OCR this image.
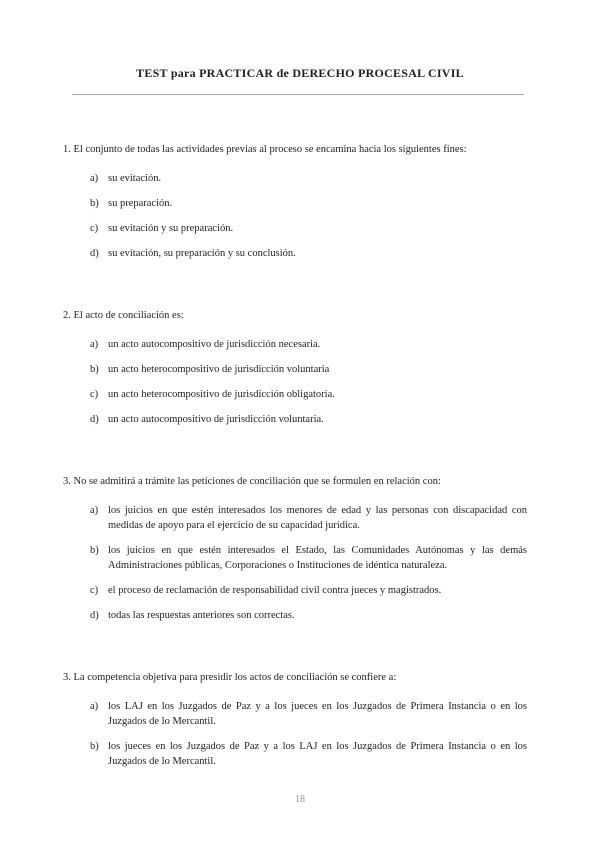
TEST para PRACTICAR de DERECHO PROCESAL CIVIL

1. El conjunto de todas las actividades previas al proceso se encamina hacia los siguientes fines:

a) su evitación.
b) su preparación.
c) su evitación y su preparación.
d) su evitación, su preparación y su conclusión.

2. El acto de conciliación es:

a) un acto autocompositivo de jurisdicción necesaria.
b) un acto heterocompositivo de jurisdicción voluntaria
c) un acto heterocompositivo de jurisdicción obligatoria.
d) un acto autocompositivo de jurisdicción voluntaria.

3. No se admitirá a trámite las peticiones de conciliación que se formulen en relación con:

a) los juicios en que estén interesados los menores de edad y las personas con discapacidad con medidas de apoyo para el ejercicio de su capacidad jurídica.
b) los juicios en que estén interesados el Estado, las Comunidades Autónomas y las demás Administraciones públicas, Corporaciones o Instituciones de idéntica naturaleza.
c) el proceso de reclamación de responsabilidad civil contra jueces y magistrados.
d) todas las respuestas anteriores son correctas.

3. La competencia objetiva para presidir los actos de conciliación se confiere a:

a) los LAJ en los Juzgados de Paz y a los jueces en los Juzgados de Primera Instancia o en los Juzgados de lo Mercantil.
b) los jueces en los Juzgados de Paz y a los LAJ en los Juzgados de Primera Instancia o en los Juzgados de lo Mercantil.
18
